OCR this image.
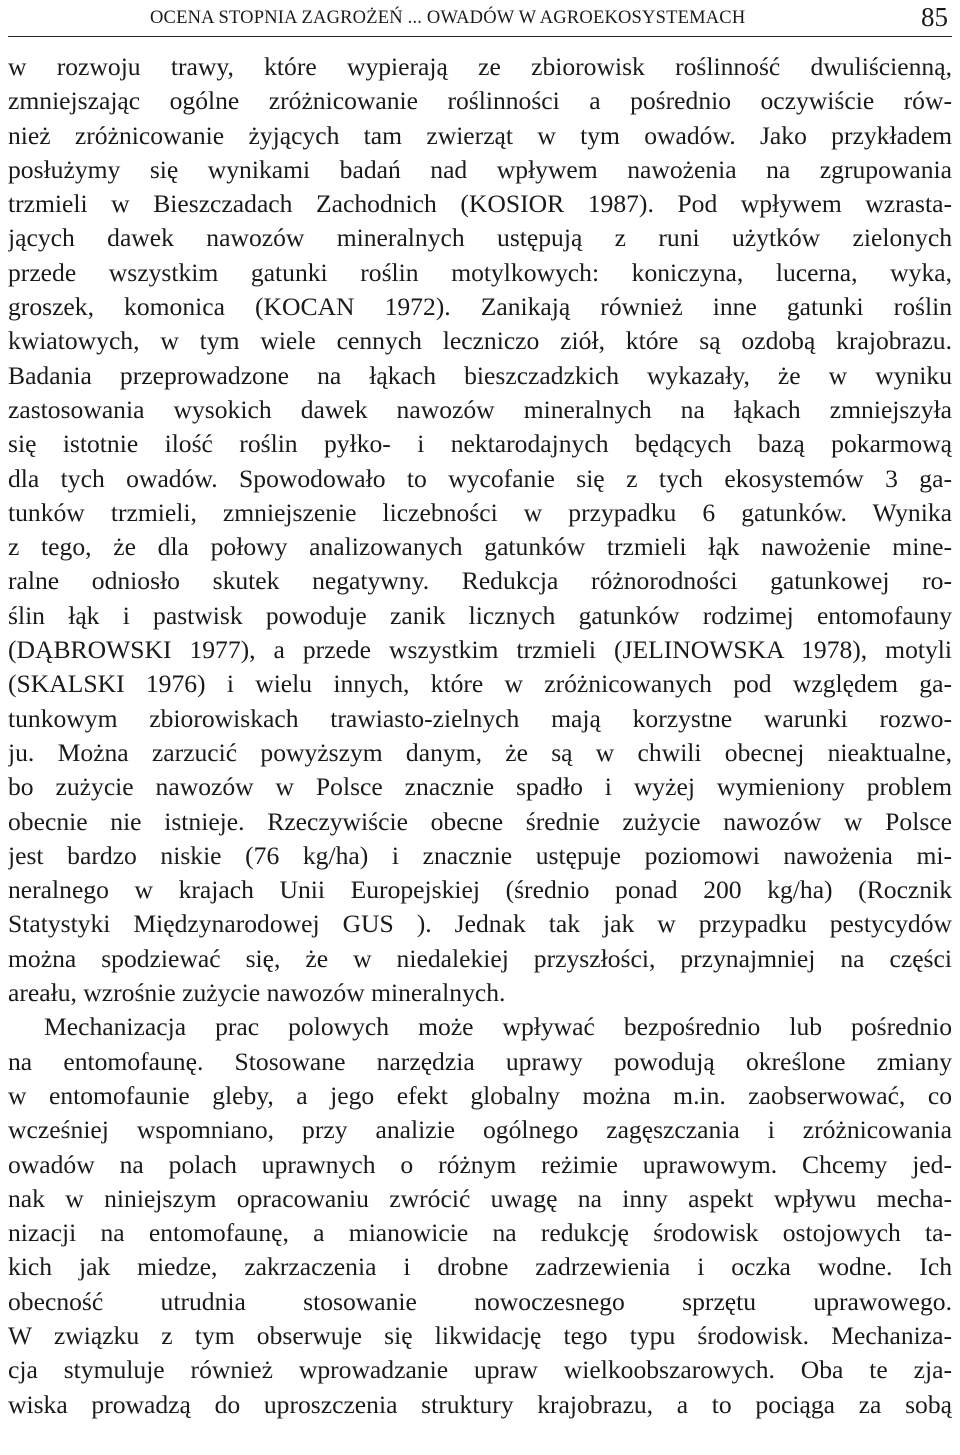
OCENA STOPNIA ZAGROŻEŃ ... OWADÓW W AGROEKOSYSTEMACH	85
w rozwoju trawy, które wypierają ze zbiorowisk roślinność dwuliścienną,
zmniejszając ogólne zróżnicowanie roślinności a pośrednio oczywiście rów-
nież zróżnicowanie żyjących tam zwierząt w tym owadów. Jako przykładem
posłużymy się wynikami badań nad wpływem nawożenia na zgrupowania
trzmieli w Bieszczadach Zachodnich (KOSIOR 1987). Pod wpływem wzrasta-
jących dawek nawozów mineralnych ustępują z runi użytków zielonych
przede wszystkim gatunki roślin motylkowych: koniczyna, lucerna, wyka,
groszek, komonica (KOCAN 1972). Zanikają również inne gatunki roślin
kwiatowych, w tym wiele cennych leczniczo ziół, które są ozdobą krajobrazu.
Badania przeprowadzone na łąkach bieszczadzkich wykazały, że w wyniku
zastosowania wysokich dawek nawozów mineralnych na łąkach zmniejszyła
się istotnie ilość roślin pyłko- i nektarodajnych będących bazą pokarmową
dla tych owadów. Spowodowało to wycofanie się z tych ekosystemów 3 ga-
tunków trzmieli, zmniejszenie liczebności w przypadku 6 gatunków. Wynika
z tego, że dla połowy analizowanych gatunków trzmieli łąk nawożenie mine-
ralne odniosło skutek negatywny. Redukcja różnorodności gatunkowej ro-
ślin łąk i pastwisk powoduje zanik licznych gatunków rodzimej entomofauny
(DĄBROWSKI 1977), a przede wszystkim trzmieli (JELINOWSKA 1978), motyli
(SKALSKI 1976) i wielu innych, które w zróżnicowanych pod względem ga-
tunkowym zbiorowiskach trawiasto-zielnych mają korzystne warunki rozwo-
ju. Można zarzucić powyższym danym, że są w chwili obecnej nieaktualne,
bo zużycie nawozów w Polsce znacznie spadło i wyżej wymieniony problem
obecnie nie istnieje. Rzeczywiście obecne średnie zużycie nawozów w Polsce
jest bardzo niskie (76 kg/ha) i znacznie ustępuje poziomowi nawożenia mi-
neralnego w krajach Unii Europejskiej (średnio ponad 200 kg/ha) (Rocznik
Statystyki Międzynarodowej GUS ). Jednak tak jak w przypadku pestycydów
można spodziewać się, że w niedalekiej przyszłości, przynajmniej na części
areału, wzrośnie zużycie nawozów mineralnych.
Mechanizacja prac polowych może wpływać bezpośrednio lub pośrednio
na entomofaunę. Stosowane narzędzia uprawy powodują określone zmiany
w entomofaunie gleby, a jego efekt globalny można m.in. zaobserwować, co
wcześniej wspomniano, przy analizie ogólnego zagęszczania i zróżnicowania
owadów na polach uprawnych o różnym reżimie uprawowym. Chcemy jed-
nak w niniejszym opracowaniu zwrócić uwagę na inny aspekt wpływu mecha-
nizacji na entomofaunę, a mianowicie na redukcję środowisk ostojowych ta-
kich jak miedze, zakrzaczenia i drobne zadrzewienia i oczka wodne. Ich
obecność utrudnia stosowanie nowoczesnego sprzętu uprawowego.
W związku z tym obserwuje się likwidację tego typu środowisk. Mechaniza-
cja stymuluje również wprowadzanie upraw wielkoobszarowych. Oba te zja-
wiska prowadzą do uproszczenia struktury krajobrazu, a to pociąga za sobą
